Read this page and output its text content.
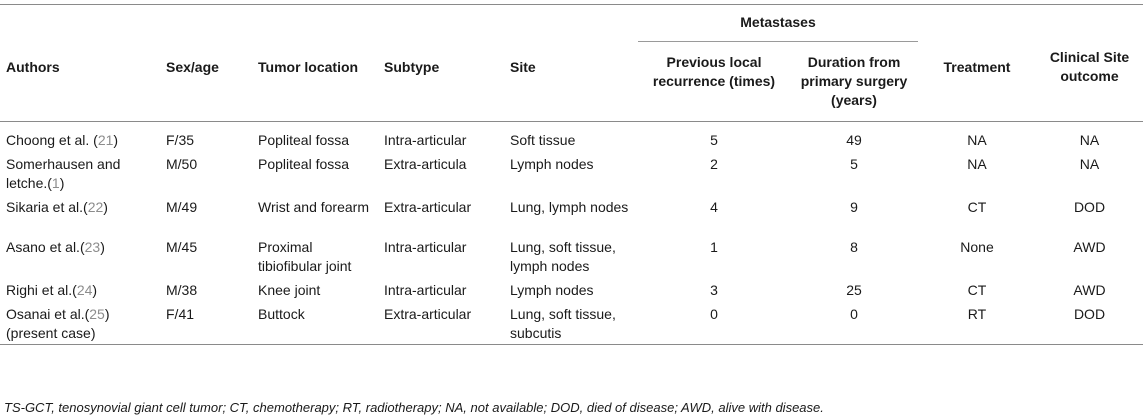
Authors	Sex/age	Tumor location	Subtype	Site	Metastases		Treatment	Clinical Site outcome
					Previous local recurrence (times)	Duration from primary surgery (years)		

Choong et al. (21)	F/35	Popliteal fossa	Intra-articular	Soft tissue	5	49	NA	NA
Somerhausen and letche.(1)	M/50	Popliteal fossa	Extra-articula	Lymph nodes	2	5	NA	NA
Sikaria et al.(22)	M/49	Wrist and forearm	Extra-articular	Lung, lymph nodes	4	9	CT	DOD
Asano et al.(23)	M/45	Proximal tibiofibular joint	Intra-articular	Lung, soft tissue, lymph nodes	1	8	None	AWD
Righi et al.(24)	M/38	Knee joint	Intra-articular	Lymph nodes	3	25	CT	AWD
Osanai et al.(25) (present case)	F/41	Buttock	Extra-articular	Lung, soft tissue, subcutis	0	0	RT	DOD
TS-GCT, tenosynovial giant cell tumor; CT, chemotherapy; RT, radiotherapy; NA, not available; DOD, died of disease; AWD, alive with disease.
